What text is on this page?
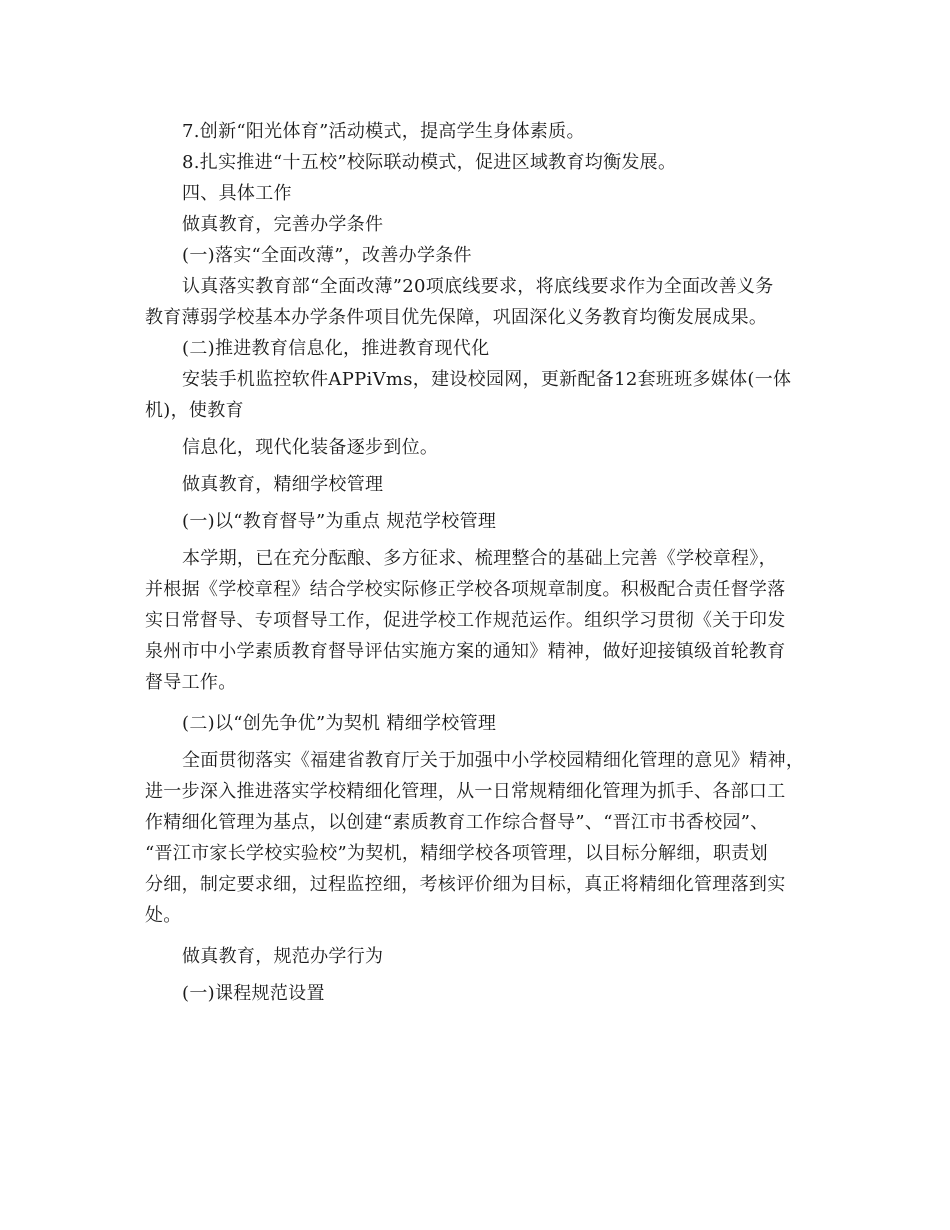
7.创新“阳光体育”活动模式，提高学生身体素质。
8.扎实推进“十五校”校际联动模式，促进区域教育均衡发展。
四、具体工作
做真教育，完善办学条件
(一)落实“全面改薄”，改善办学条件
认真落实教育部“全面改薄”20项底线要求，将底线要求作为全面改善义务
教育薄弱学校基本办学条件项目优先保障，巩固深化义务教育均衡发展成果。
(二)推进教育信息化，推进教育现代化
安装手机监控软件APPiVms，建设校园网，更新配备12套班班多媒体(一体
机)，使教育
信息化，现代化装备逐步到位。
做真教育，精细学校管理
(一)以“教育督导”为重点 规范学校管理
本学期，已在充分酝酿、多方征求、梳理整合的基础上完善《学校章程》，
并根据《学校章程》结合学校实际修正学校各项规章制度。积极配合责任督学落
实日常督导、专项督导工作，促进学校工作规范运作。组织学习贯彻《关于印发
泉州市中小学素质教育督导评估实施方案的通知》精神，做好迎接镇级首轮教育
督导工作。
(二)以“创先争优”为契机 精细学校管理
全面贯彻落实《福建省教育厅关于加强中小学校园精细化管理的意见》精神，
进一步深入推进落实学校精细化管理，从一日常规精细化管理为抓手、各部口工
作精细化管理为基点，以创建“素质教育工作综合督导”、“晋江市书香校园”、
“晋江市家长学校实验校”为契机，精细学校各项管理，以目标分解细，职责划
分细，制定要求细，过程监控细，考核评价细为目标，真正将精细化管理落到实
处。
做真教育，规范办学行为
(一)课程规范设置
